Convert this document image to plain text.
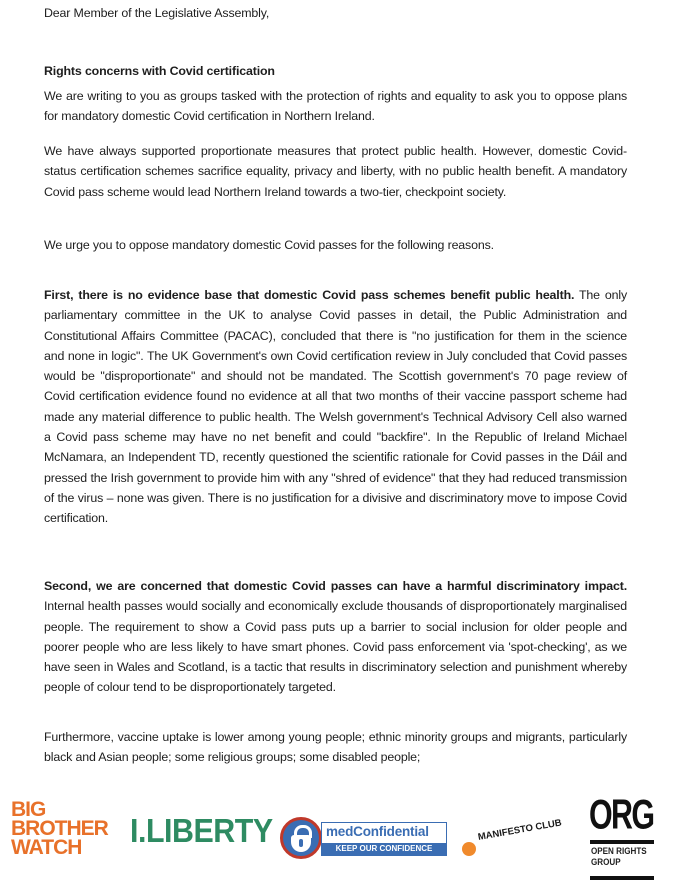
Dear Member of the Legislative Assembly,
Rights concerns with Covid certification

We are writing to you as groups tasked with the protection of rights and equality to ask you to oppose plans for mandatory domestic Covid certification in Northern Ireland.

We have always supported proportionate measures that protect public health. However, domestic Covid-status certification schemes sacrifice equality, privacy and liberty, with no public health benefit. A mandatory Covid pass scheme would lead Northern Ireland towards a two-tier, checkpoint society.

We urge you to oppose mandatory domestic Covid passes for the following reasons.

First, there is no evidence base that domestic Covid pass schemes benefit public health. The only parliamentary committee in the UK to analyse Covid passes in detail, the Public Administration and Constitutional Affairs Committee (PACAC), concluded that there is "no justification for them in the science and none in logic". The UK Government's own Covid certification review in July concluded that Covid passes would be "disproportionate" and should not be mandated. The Scottish government's 70 page review of Covid certification evidence found no evidence at all that two months of their vaccine passport scheme had made any material difference to public health. The Welsh government's Technical Advisory Cell also warned a Covid pass scheme may have no net benefit and could "backfire". In the Republic of Ireland Michael McNamara, an Independent TD, recently questioned the scientific rationale for Covid passes in the Dáil and pressed the Irish government to provide him with any "shred of evidence" that they had reduced transmission of the virus – none was given. There is no justification for a divisive and discriminatory move to impose Covid certification.

Second, we are concerned that domestic Covid passes can have a harmful discriminatory impact. Internal health passes would socially and economically exclude thousands of disproportionately marginalised people. The requirement to show a Covid pass puts up a barrier to social inclusion for older people and poorer people who are less likely to have smart phones. Covid pass enforcement via 'spot-checking', as we have seen in Wales and Scotland, is a tactic that results in discriminatory selection and punishment whereby people of colour tend to be disproportionately targeted.

Furthermore, vaccine uptake is lower among young people; ethnic minority groups and migrants, particularly black and Asian people; some religious groups; some disabled people;

BIG
BROTHER
WATCH	I.LIBERTY	medConfidential
KEEP OUR CONFIDENCE
MANIFESTO CLUB ORG
OPEN RIGHTS
GROUP
